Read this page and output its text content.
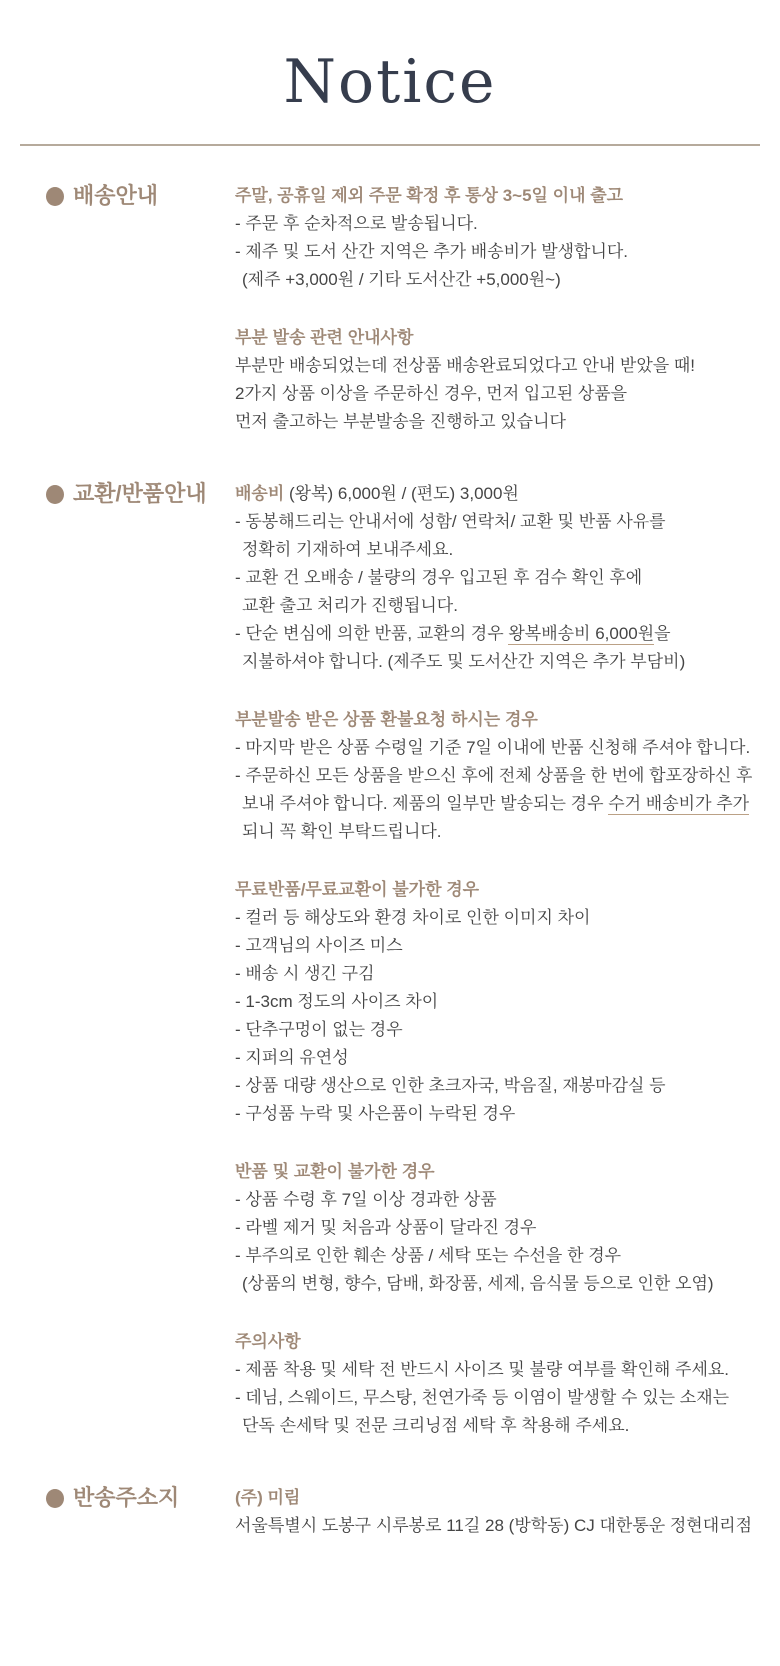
Notice
배송안내	주말, 공휴일 제외 주문 확정 후 통상 3~5일 이내 출고

- 주문 후 순차적으로 발송됩니다.

- 제주 및 도서 산간 지역은 추가 배송비가 발생합니다.

(제주 +3,000원 / 기타 도서산간 +5,000원~)

부분 발송 관련 안내사항

부분만 배송되었는데 전상품 배송완료되었다고 안내 받았을 때!

2가지 상품 이상을 주문하신 경우, 먼저 입고된 상품을

먼저 출고하는 부분발송을 진행하고 있습니다

교환/반품안내 배송비 (왕복) 6,000원 / (편도) 3,000원

- 동봉해드리는 안내서에 성함/ 연락처/ 교환 및 반품 사유를

정확히 기재하여 보내주세요.

- 교환 건 오배송 / 불량의 경우 입고된 후 검수 확인 후에

교환 출고 처리가 진행됩니다.

- 단순 변심에 의한 반품, 교환의 경우 왕복배송비 6,000원을

지불하셔야 합니다. (제주도 및 도서산간 지역은 추가 부담비)

부분발송 받은 상품 환불요청 하시는 경우

- 마지막 받은 상품 수령일 기준 7일 이내에 반품 신청해 주셔야 합니다.

- 주문하신 모든 상품을 받으신 후에 전체 상품을 한 번에 합포장하신 후

보내 주셔야 합니다. 제품의 일부만 발송되는 경우 수거 배송비가 추가

되니 꼭 확인 부탁드립니다.

무료반품/무료교환이 불가한 경우

- 컬러 등 해상도와 환경 차이로 인한 이미지 차이

- 고객님의 사이즈 미스

- 배송 시 생긴 구김

- 1-3cm 정도의 사이즈 차이

- 단추구멍이 없는 경우

- 지퍼의 유연성

- 상품 대량 생산으로 인한 초크자국, 박음질, 재봉마감실 등

- 구성품 누락 및 사은품이 누락된 경우

반품 및 교환이 불가한 경우

- 상품 수령 후 7일 이상 경과한 상품

- 라벨 제거 및 처음과 상품이 달라진 경우

- 부주의로 인한 훼손 상품 / 세탁 또는 수선을 한 경우

(상품의 변형, 향수, 담배, 화장품, 세제, 음식물 등으로 인한 오염)

주의사항

- 제품 착용 및 세탁 전 반드시 사이즈 및 불량 여부를 확인해 주세요.

- 데님, 스웨이드, 무스탕, 천연가죽 등 이염이 발생할 수 있는 소재는

단독 손세탁 및 전문 크리닝점 세탁 후 착용해 주세요.

반송주소지	(주) 미림

서울특별시 도봉구 시루봉로 11길 28 (방학동) CJ 대한통운 정현대리점
